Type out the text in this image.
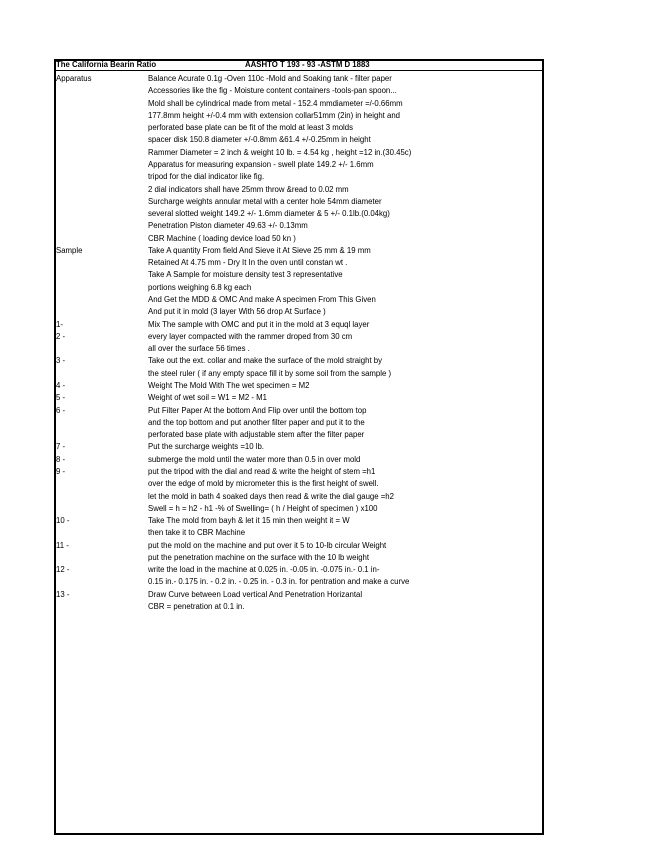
The California Bearin Ratio	AASHTO T 193 - 93 -ASTM D 1883
Apparatus	Balance Acurate 0.1g -Oven 110c -Mold and Soaking tank - filter paper
Accessories like the fig - Moisture content containers -tools-pan spoon...
Mold shall be cylindrical made from metal - 152.4 mmdiameter =/-0.66mm
177.8mm height +/-0.4 mm with extension collar51mm (2in) in height and
perforated base plate can be fit of the mold at least 3 molds
spacer disk 150.8 diameter +/-0.8mm &61.4 +/-0.25mm in height
Rammer Diameter = 2 inch & weight 10 lb. = 4.54 kg , height =12 in.(30.45c)
Apparatus for measuring expansion - swell plate 149.2 +/- 1.6mm
tripod for the dial indicator like fig.
2 dial indicators shall have 25mm throw &read to 0.02 mm
Surcharge weights annular metal with a center hole 54mm diameter
several slotted weight 149.2 +/- 1.6mm diameter & 5 +/- 0.1lb.(0.04kg)
Penetration Piston diameter 49.63 +/- 0.13mm
CBR Machine ( loading device load 50 kn )
Sample	Take A quantity From field And Sieve it At Sieve 25 mm & 19 mm
Retained At 4.75 mm - Dry It In the oven until constan wt .
Take A Sample for moisture density test 3 representative
portions weighing 6.8 kg each
And Get the MDD & OMC And make A specimen From This Given
And put it in mold (3 layer With 56 drop At Surface )
1-	Mix The sample with OMC and put it in the mold at 3 equql layer
2 -	every layer compacted with the rammer droped from 30 cm
all over the surface 56 times .
3 -	Take out the ext. collar and make the surface of the mold straight by
the steel ruler ( if any empty space fill it by some soil from the sample )
4 -	Weight The Mold With The wet specimen = M2
5 -	Weight of wet soil = W1 = M2 - M1
6 -	Put Filter Paper At the bottom And Flip over until the bottom top
and the top bottom and put another filter paper and put it to the
perforated base plate with adjustable stem after the filter paper
7 -	Put the surcharge weights =10 lb.
8 -	submerge the mold until the water more than 0.5 in over mold
9 -	put the tripod with the dial and read & write the height of stem =h1
over the edge of mold by micrometer this is the first height of swell.
let the mold in bath 4 soaked days then read & write the dial gauge =h2
Swell = h = h2 - h1 -% of Swelling= ( h / Height of specimen ) x100
10 -	Take The mold from bayh & let it 15 min then weight it = W
then take it to CBR Machine
11 -	put the mold on the machine and put over it 5 to 10-lb circular Weight
put the penetration machine on the surface with the 10 lb weight
12 -	write the load in the machine at 0.025 in. -0.05 in. -0.075 in.- 0.1 in-
0.15 in.- 0.175 in. - 0.2 in. - 0.25 in. - 0.3 in. for pentration and make a curve
13 -	Draw Curve between Load vertical And Penetration Horizantal
CBR = penetration at 0.1 in.
